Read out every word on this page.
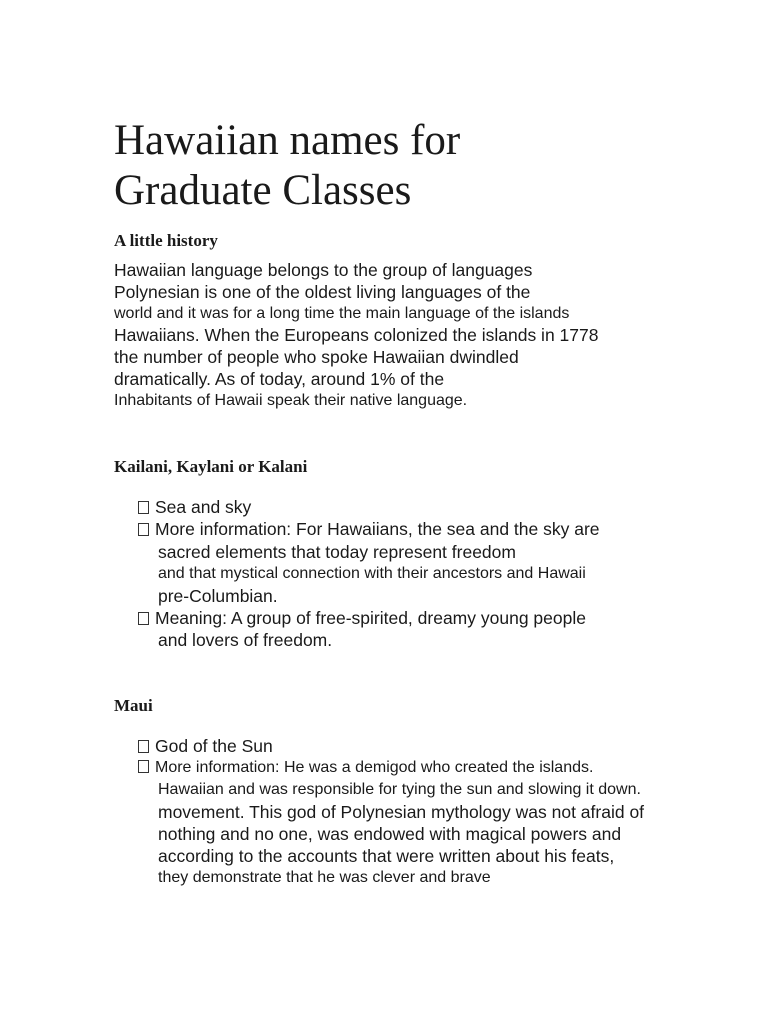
Hawaiian names for
Graduate Classes
A little history
Hawaiian language belongs to the group of languages
Polynesian is one of the oldest living languages of the
world and it was for a long time the main language of the islands
Hawaiians. When the Europeans colonized the islands in 1778
the number of people who spoke Hawaiian dwindled
dramatically. As of today, around 1% of the
Inhabitants of Hawaii speak their native language.
Kailani, Kaylani or Kalani
Sea and sky
More information: For Hawaiians, the sea and the sky are
sacred elements that today represent freedom
and that mystical connection with their ancestors and Hawaii
pre-Columbian.
Meaning: A group of free-spirited, dreamy young people
and lovers of freedom.
Maui
God of the Sun
More information: He was a demigod who created the islands.
Hawaiian and was responsible for tying the sun and slowing it down.
movement. This god of Polynesian mythology was not afraid of
nothing and no one, was endowed with magical powers and
according to the accounts that were written about his feats,
they demonstrate that he was clever and brave
